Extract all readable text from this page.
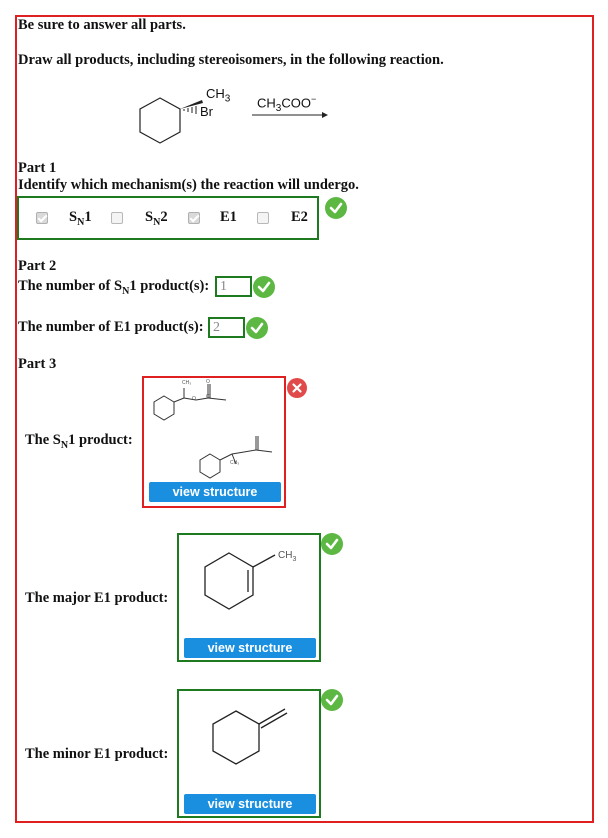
Be sure to answer all parts.
Draw all products, including stereoisomers, in the following reaction.
$CH_3$
Br
$CH_3COO^-$
Part 1
Identify which mechanism(s) the reaction will undergo.
$S_N1$	$S_N2$	E1	E2
Part 2
The number of $S_N1$ product(s): 1
The number of E1 product(s): 2
Part 3
The $S_N1$ product:
CH₃
O C
O
CH₃
view structure
The major E1 product:
$CH_3$
view structure
The minor E1 product:
view structure
